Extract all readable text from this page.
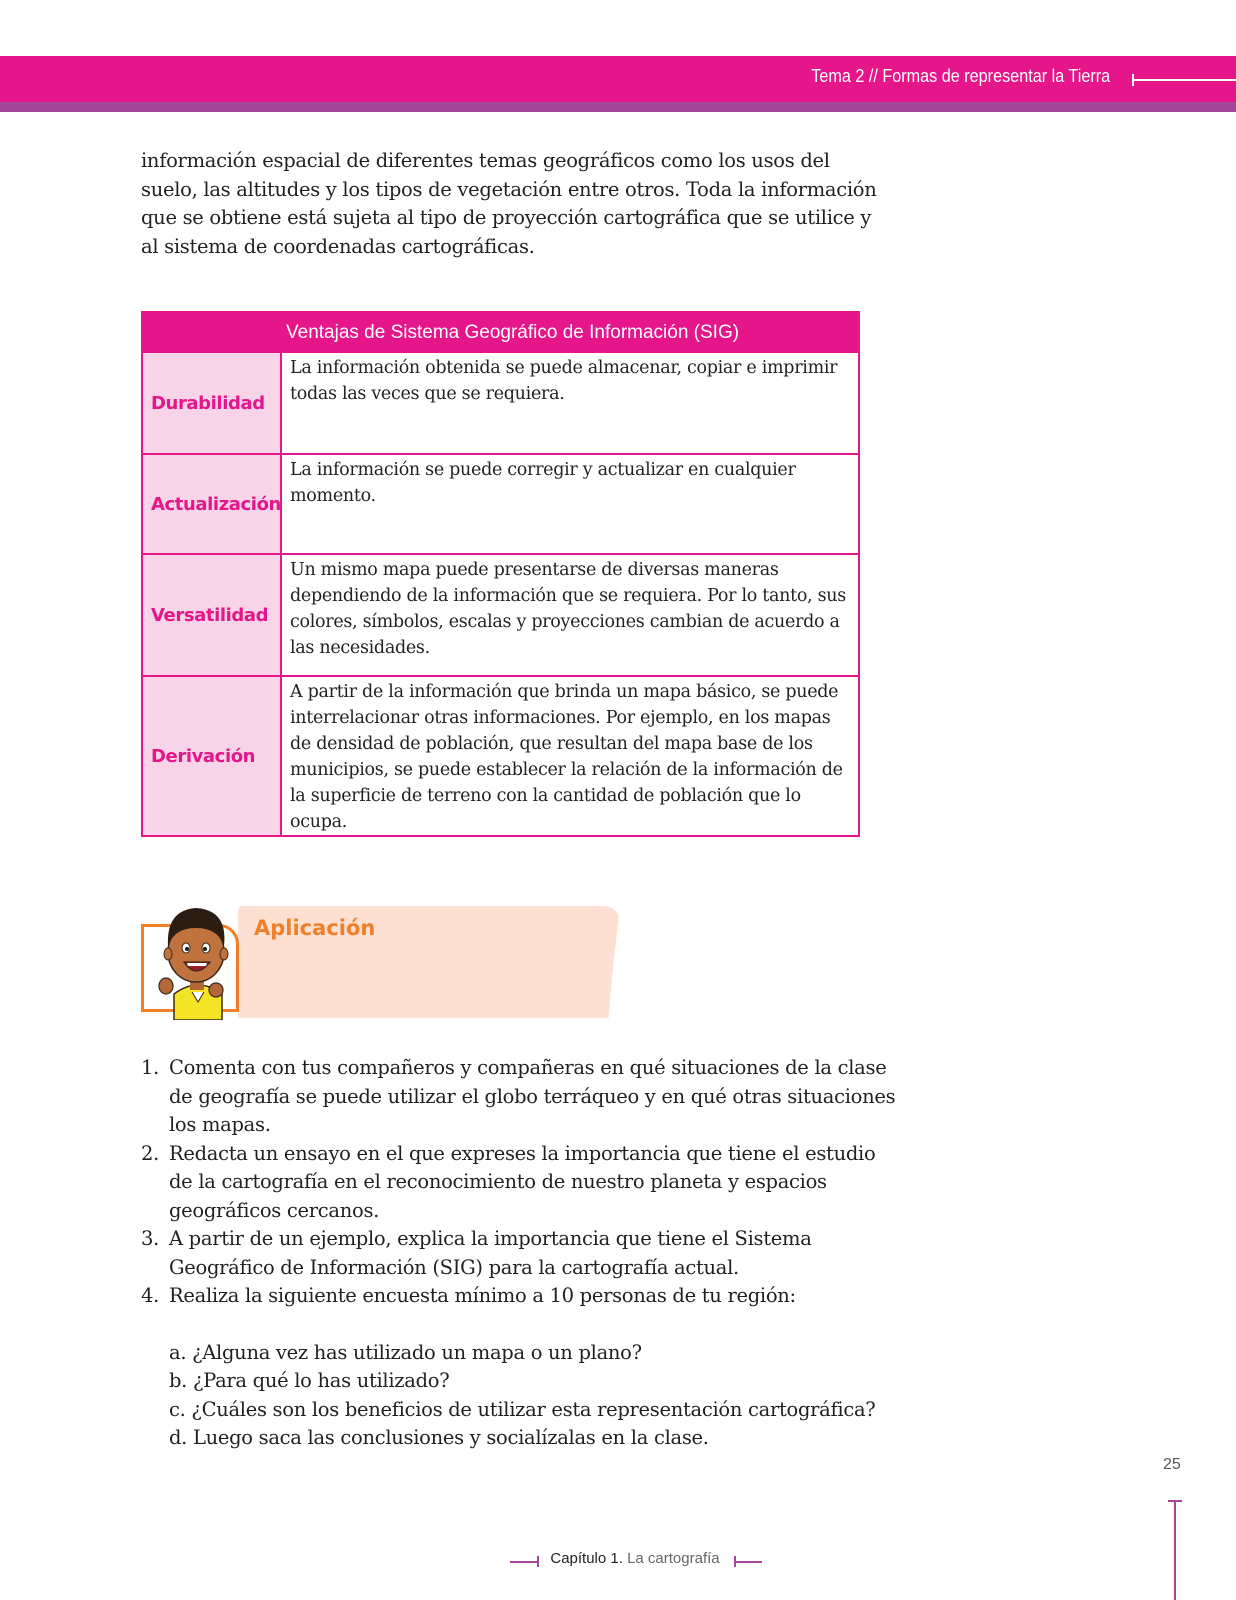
Tema 2 // Formas de representar la Tierra

información espacial de diferentes temas geográficos como los usos del suelo, las altitudes y los tipos de vegetación entre otros. Toda la información que se obtiene está sujeta al tipo de proyección cartográfica que se utilice y al sistema de coordenadas cartográficas.

Ventajas de Sistema Geográfico de Información (SIG)
Durabilidad
La información obtenida se puede almacenar, copiar e imprimir todas las veces que se requiera.
Actualización
La información se puede corregir y actualizar en cualquier momento.
Versatilidad
Un mismo mapa puede presentarse de diversas maneras dependiendo de la información que se requiera. Por lo tanto, sus colores, símbolos, escalas y proyecciones cambian de acuerdo a las necesidades.
Derivación
A partir de la información que brinda un mapa básico, se puede interrelacionar otras informaciones. Por ejemplo, en los mapas de densidad de población, que resultan del mapa base de los municipios, se puede establecer la relación de la información de la superficie de terreno con la cantidad de población que lo ocupa.
Aplicación
1. Comenta con tus compañeros y compañeras en qué situaciones de la clase de geografía se puede utilizar el globo terráqueo y en qué otras situaciones los mapas.
2. Redacta un ensayo en el que expreses la importancia que tiene el estudio de la cartografía en el reconocimiento de nuestro planeta y espacios geográficos cercanos.
3. A partir de un ejemplo, explica la importancia que tiene el Sistema Geográfico de Información (SIG) para la cartografía actual.
4. Realiza la siguiente encuesta mínimo a 10 personas de tu región:
a. ¿Alguna vez has utilizado un mapa o un plano?
b. ¿Para qué lo has utilizado?
c. ¿Cuáles son los beneficios de utilizar esta representación cartográfica?
d. Luego saca las conclusiones y socialízalas en la clase.
25
Capítulo 1. La cartografía
